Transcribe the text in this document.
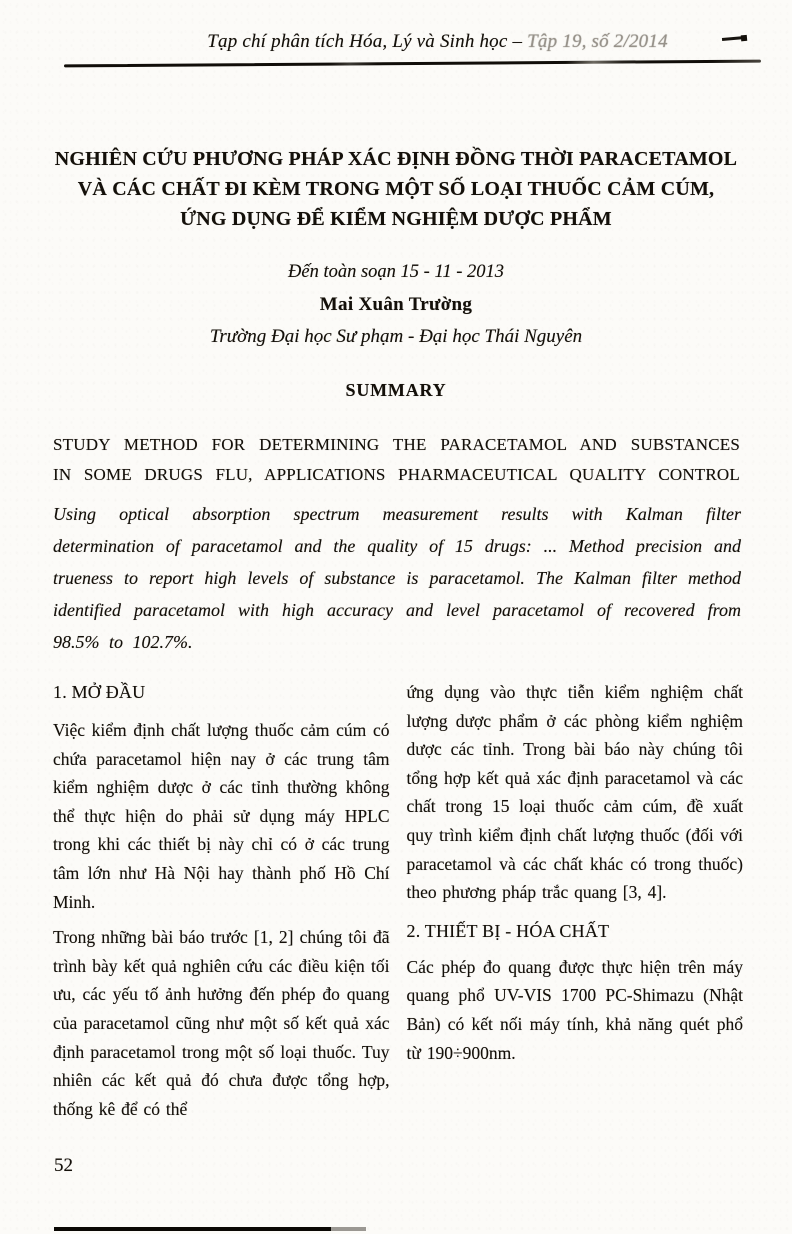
Tạp chí phân tích Hóa, Lý và Sinh học – Tập 19, số 2/2014
NGHIÊN CỨU PHƯƠNG PHÁP XÁC ĐỊNH ĐỒNG THỜI PARACETAMOL
VÀ CÁC CHẤT ĐI KÈM TRONG MỘT SỐ LOẠI THUỐC CẢM CÚM,
ỨNG DỤNG ĐỂ KIỂM NGHIỆM DƯỢC PHẨM
Đến toàn soạn 15 - 11 - 2013
Mai Xuân Trường
Trường Đại học Sư phạm - Đại học Thái Nguyên
SUMMARY
STUDY METHOD FOR DETERMINING THE PARACETAMOL AND SUBSTANCES
IN SOME DRUGS FLU, APPLICATIONS PHARMACEUTICAL QUALITY CONTROL
Using optical absorption spectrum measurement results with Kalman filter determination of paracetamol and the quality of 15 drugs: ... Method precision and trueness to report high levels of substance is paracetamol. The Kalman filter method identified paracetamol with high accuracy and level paracetamol of recovered from 98.5% to 102.7%.
1. MỞ ĐẦU

Việc kiểm định chất lượng thuốc cảm cúm có chứa paracetamol hiện nay ở các trung tâm kiểm nghiệm dược ở các tỉnh thường không thể thực hiện do phải sử dụng máy HPLC trong khi các thiết bị này chỉ có ở các trung tâm lớn như Hà Nội hay thành phố Hồ Chí Minh.

Trong những bài báo trước [1, 2] chúng tôi đã trình bày kết quả nghiên cứu các điều kiện tối ưu, các yếu tố ảnh hưởng đến phép đo quang của paracetamol cũng như một số kết quả xác định paracetamol trong một số loại thuốc. Tuy nhiên các kết quả đó chưa được tổng hợp, thống kê để có thể

ứng dụng vào thực tiễn kiểm nghiệm chất lượng dược phẩm ở các phòng kiểm nghiệm dược các tỉnh. Trong bài báo này chúng tôi tổng hợp kết quả xác định paracetamol và các chất trong 15 loại thuốc cảm cúm, đề xuất quy trình kiểm định chất lượng thuốc (đối với paracetamol và các chất khác có trong thuốc) theo phương pháp trắc quang [3, 4].

2. THIẾT BỊ - HÓA CHẤT

Các phép đo quang được thực hiện trên máy quang phổ UV-VIS 1700 PC-Shimazu (Nhật Bản) có kết nối máy tính, khả năng quét phổ từ 190÷900nm.

52
